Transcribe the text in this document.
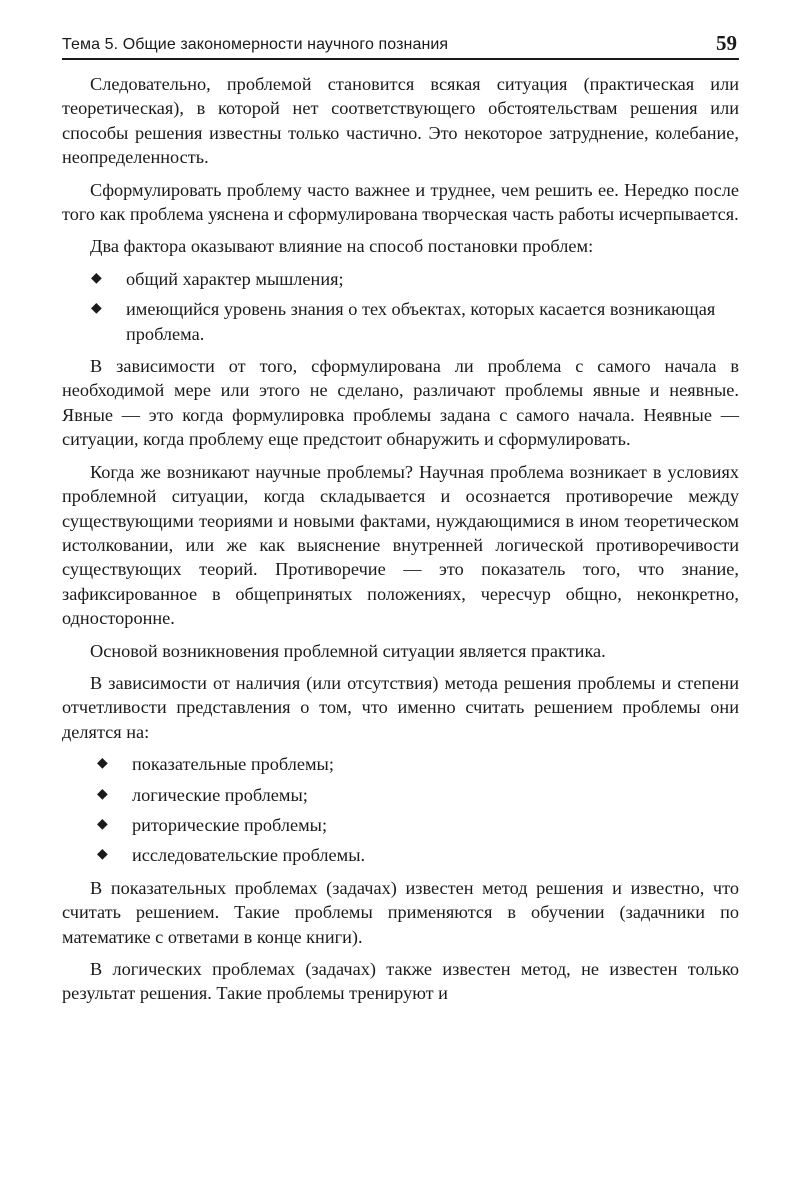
Тема 5. Общие закономерности научного познания	59

Следовательно, проблемой становится всякая ситуация (практическая или теоретическая), в которой нет соответствующего обстоятельствам решения или способы решения известны только частично. Это некоторое затруднение, колебание, неопределенность.

Сформулировать проблему часто важнее и труднее, чем решить ее. Нередко после того как проблема уяснена и сформулирована творческая часть работы исчерпывается.

Два фактора оказывают влияние на способ постановки проблем:

◆ общий характер мышления;
◆ имеющийся уровень знания о тех объектах, которых касается возникающая проблема.

В зависимости от того, сформулирована ли проблема с самого начала в необходимой мере или этого не сделано, различают проблемы явные и неявные. Явные — это когда формулировка проблемы задана с самого начала. Неявные — ситуации, когда проблему еще предстоит обнаружить и сформулировать.

Когда же возникают научные проблемы? Научная проблема возникает в условиях проблемной ситуации, когда складывается и осознается противоречие между существующими теориями и новыми фактами, нуждающимися в ином теоретическом истолковании, или же как выяснение внутренней логической противоречивости существующих теорий. Противоречие — это показатель того, что знание, зафиксированное в общепринятых положениях, чересчур общно, неконкретно, односторонне.

Основой возникновения проблемной ситуации является практика.

В зависимости от наличия (или отсутствия) метода решения проблемы и степени отчетливости представления о том, что именно считать решением проблемы они делятся на:

◆ показательные проблемы;
◆ логические проблемы;
◆ риторические проблемы;
◆ исследовательские проблемы.

В показательных проблемах (задачах) известен метод решения и известно, что считать решением. Такие проблемы применяются в обучении (задачники по математике с ответами в конце книги).

В логических проблемах (задачах) также известен метод, не известен только результат решения. Такие проблемы тренируют и
